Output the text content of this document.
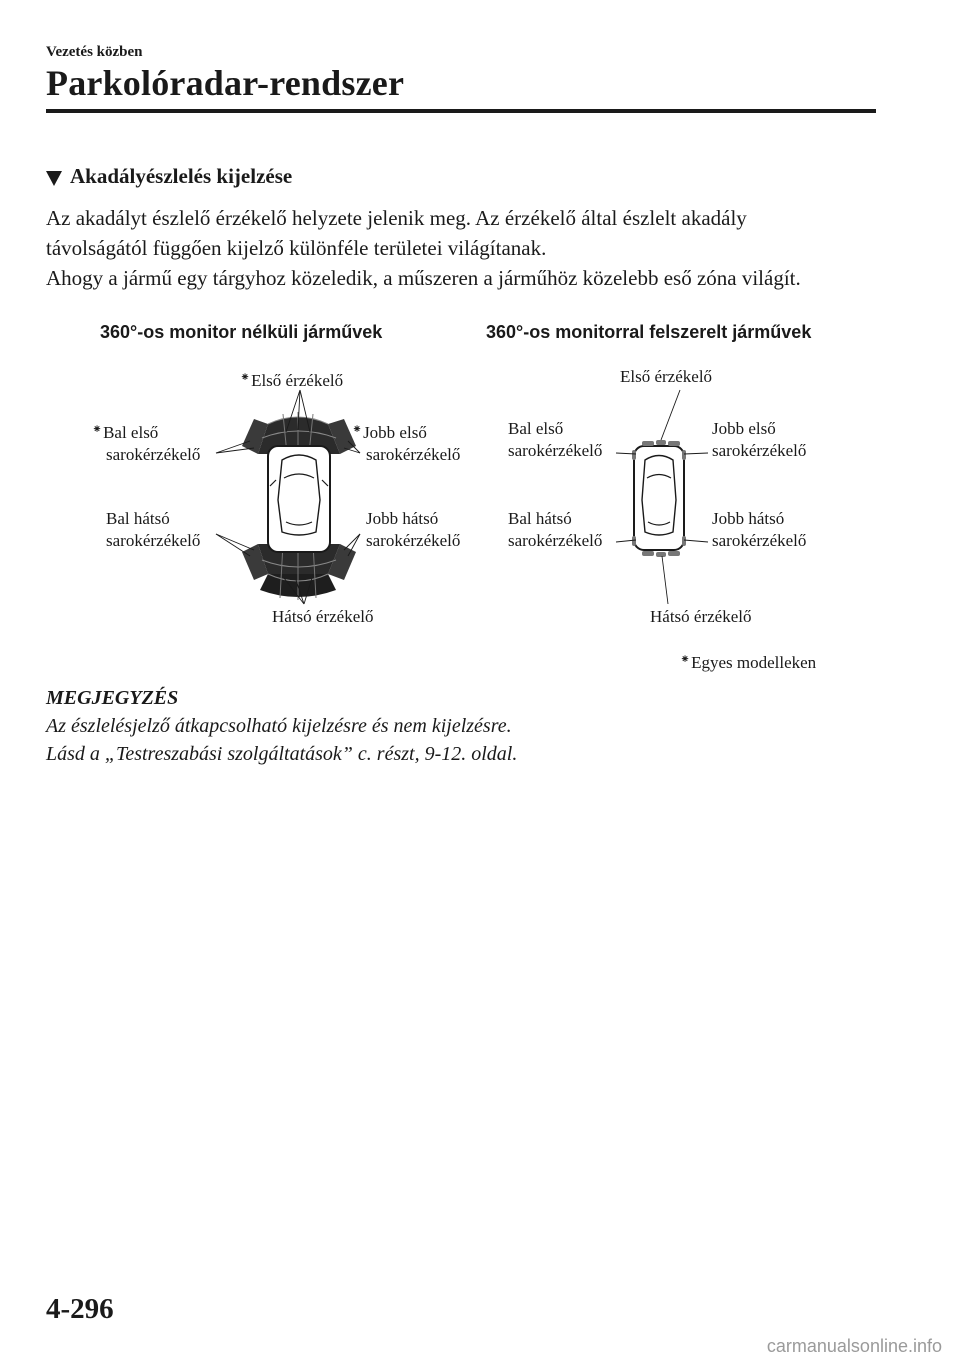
Vezetés közben
Parkolóradar-rendszer
Akadályészlelés kijelzése

Az akadályt észlelő érzékelő helyzete jelenik meg. Az érzékelő által észlelt akadály

távolságától függően kijelző különféle területei világítanak.

Ahogy a jármű egy tárgyhoz közeledik, a műszeren a járműhöz közelebb eső zóna világít.

360°-os monitor nélküli járművek	360°-os monitorral felszerelt járművek
⁕Első érzékelő
⁕Bal első
sarokérzékelő
⁕Jobb első
sarokérzékelő
Bal hátsó
sarokérzékelő
Jobb hátsó
sarokérzékelő
Hátsó érzékelő
Első érzékelő
Bal első
sarokérzékelő
Jobb első
sarokérzékelő
Bal hátsó
sarokérzékelő
Jobb hátsó
sarokérzékelő
Hátsó érzékelő
⁕Egyes modelleken
MEGJEGYZÉS

Az észlelésjelző átkapcsolható kijelzésre és nem kijelzésre.

Lásd a „Testreszabási szolgáltatások” c. részt, 9-12. oldal.

4-296
carmanualsonline.info
